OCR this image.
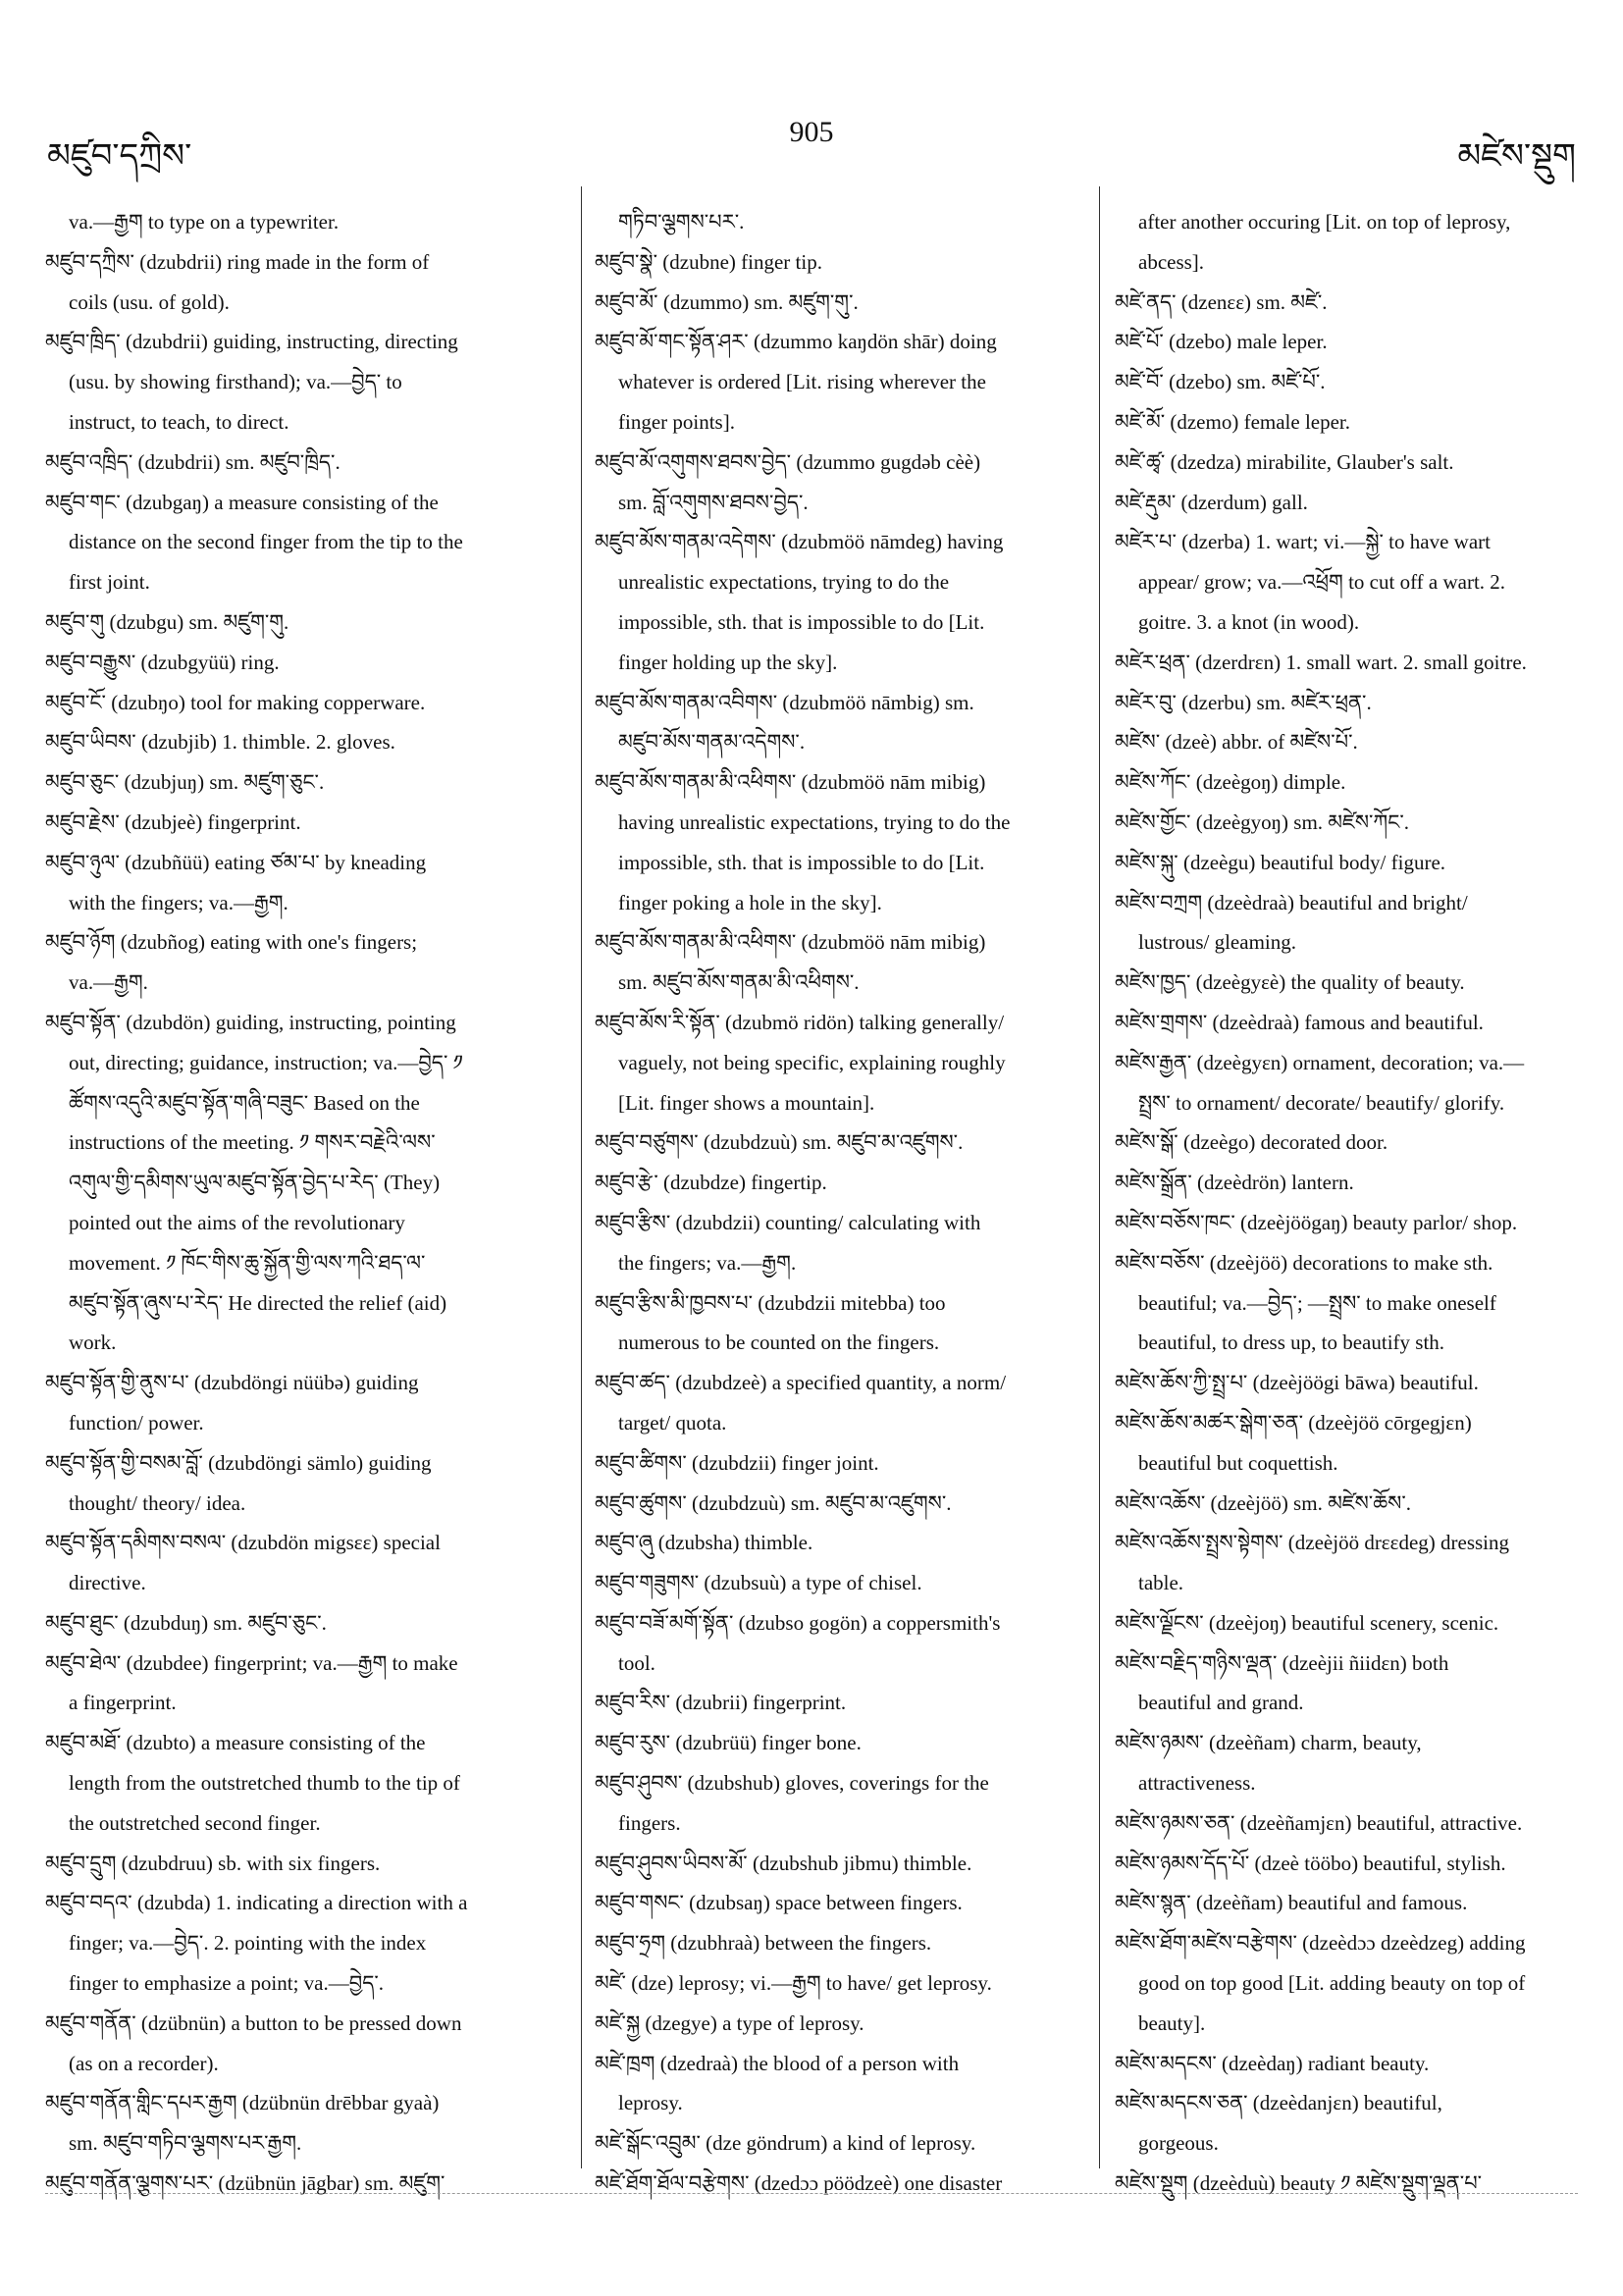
མཛུབ་དཀྲིས་
905
མཛེས་སྡུག
va.—རྒྱག to type on a typewriter.
མཛུབ་དཀྲིས་ (dzubdrii) ring made in the form of
coils (usu. of gold).
མཛུབ་ཁྲིད་ (dzubdrii) guiding, instructing, directing
(usu. by showing firsthand); va.—བྱེད་ to
instruct, to teach, to direct.
མཛུབ་འཁྲིད་ (dzubdrii) sm. མཛུབ་ཁྲིད་.
མཛུབ་གང་ (dzubgaŋ) a measure consisting of the
distance on the second finger from the tip to the
first joint.
མཛུབ་གུ (dzubgu) sm. མཛུག་གུ.
མཛུབ་བརྒྱུས་ (dzubgyüü) ring.
མཛུབ་ངོ་ (dzubŋo) tool for making copperware.
མཛུབ་ཡིབས་ (dzubjib) 1. thimble. 2. gloves.
མཛུབ་ཅུང་ (dzubjuŋ) sm. མཛུག་ཅུང་.
མཛུབ་རྗེས་ (dzubjeè) fingerprint.
མཛུབ་ཉུལ་ (dzubñüü) eating ཙམ་པ་ by kneading
with the fingers; va.—རྒྱག.
མཛུབ་ཉོག (dzubñog) eating with one's fingers;
va.—རྒྱག.
མཛུབ་སྟོན་ (dzubdön) guiding, instructing, pointing
out, directing; guidance, instruction; va.—བྱེད་ ༡
ཚོགས་འདུའི་མཛུབ་སྟོན་གཞི་བཟུང་ Based on the
instructions of the meeting. ༡ གསར་བརྗེའི་ལས་
འགུལ་གྱི་དམིགས་ཡུལ་མཛུབ་སྟོན་བྱེད་པ་རེད་ (They)
pointed out the aims of the revolutionary
movement. ༡ ཁོང་གིས་ཆུ་སྐྱོན་གྱི་ལས་ཀའི་ཐད་ལ་
མཛུབ་སྟོན་ཞུས་པ་རེད་ He directed the relief (aid)
work.
མཛུབ་སྟོན་གྱི་ནུས་པ་ (dzubdöngi nüübə) guiding
function/ power.
མཛུབ་སྟོན་གྱི་བསམ་བློ་ (dzubdöngi sämlo) guiding
thought/ theory/ idea.
མཛུབ་སྟོན་དམིགས་བསལ་ (dzubdön migsɛɛ) special
directive.
མཛུབ་ཐུང་ (dzubduŋ) sm. མཛུབ་ཅུང་.
མཛུབ་ཐེལ་ (dzubdee) fingerprint; va.—རྒྱག to make
a fingerprint.
མཛུབ་མཐོ་ (dzubto) a measure consisting of the
length from the outstretched thumb to the tip of
the outstretched second finger.
མཛུབ་དྲུག (dzubdruu) sb. with six fingers.
མཛུབ་བདའ་ (dzubda) 1. indicating a direction with a
finger; va.—བྱེད་. 2. pointing with the index
finger to emphasize a point; va.—བྱེད་.
མཛུབ་གནོན་ (dzübnün) a button to be pressed down
(as on a recorder).
མཛུབ་གནོན་གླིང་དཔར་རྒྱག (dzübnün drēbbar gyaà)
sm. མཛུབ་གཏིབ་ལྕགས་པར་རྒྱག.
མཛུབ་གནོན་ལྕགས་པར་ (dzübnün jāgbar) sm. མཛུག་
གཏིབ་ལྕགས་པར་.
མཛུབ་སྣེ་ (dzubne) finger tip.
མཛུབ་མོ་ (dzummo) sm. མཛུག་གུ་.
མཛུབ་མོ་གང་སྟོན་ཤར་ (dzummo kaŋdön shār) doing
whatever is ordered [Lit. rising wherever the
finger points].
མཛུབ་མོ་འགུགས་ཐབས་བྱེད་ (dzummo gugdəb cèè)
sm. བློ་འགུགས་ཐབས་བྱེད་.
མཛུབ་མོས་གནམ་འདེགས་ (dzubmöö nāmdeg) having
unrealistic expectations, trying to do the
impossible, sth. that is impossible to do [Lit.
finger holding up the sky].
མཛུབ་མོས་གནམ་འབིགས་ (dzubmöö nāmbig) sm.
མཛུབ་མོས་གནམ་འདེགས་.
མཛུབ་མོས་གནམ་མི་འཕིགས་ (dzubmöö nām mibig)
having unrealistic expectations, trying to do the
impossible, sth. that is impossible to do [Lit.
finger poking a hole in the sky].
མཛུབ་མོས་གནམ་མི་འཕིགས་ (dzubmöö nām mibig)
sm. མཛུབ་མོས་གནམ་མི་འཕིགས་.
མཛུབ་མོས་རི་སྟོན་ (dzubmö ridön) talking generally/
vaguely, not being specific, explaining roughly
[Lit. finger shows a mountain].
མཛུབ་བཙུགས་ (dzubdzuù) sm. མཛུབ་མ་འཛུགས་.
མཛུབ་རྩེ་ (dzubdze) fingertip.
མཛུབ་རྩིས་ (dzubdzii) counting/ calculating with
the fingers; va.—རྒྱག.
མཛུབ་རྩིས་མི་ཁྱབས་པ་ (dzubdzii mitebba) too
numerous to be counted on the fingers.
མཛུབ་ཚད་ (dzubdzeè) a specified quantity, a norm/
target/ quota.
མཛུབ་ཚིགས་ (dzubdzii) finger joint.
མཛུབ་ཚུགས་ (dzubdzuù) sm. མཛུབ་མ་འཛུགས་.
མཛུབ་ཞུ (dzubsha) thimble.
མཛུབ་གཟུགས་ (dzubsuù) a type of chisel.
མཛུབ་བཟོ་མགོ་སྟོན་ (dzubso gogön) a coppersmith's
tool.
མཛུབ་རིས་ (dzubrii) fingerprint.
མཛུབ་རུས་ (dzubrüü) finger bone.
མཛུབ་ཤུབས་ (dzubshub) gloves, coverings for the
fingers.
མཛུབ་ཤུབས་ཡིབས་མོ་ (dzubshub jibmu) thimble.
མཛུབ་གསང་ (dzubsaŋ) space between fingers.
མཛུབ་ཧྲག (dzubhraà) between the fingers.
མཛེ་ (dze) leprosy; vi.—རྒྱག to have/ get leprosy.
མཛེ་སྐྱ (dzegye) a type of leprosy.
མཛེ་ཁྲག (dzedraà) the blood of a person with
leprosy.
མཛེ་སྒོང་འབྲུམ་ (dze göndrum) a kind of leprosy.
མཛེ་ཐོག་ཐོལ་བརྩེགས་ (dzedɔɔ pöödzeè) one disaster
after another occuring [Lit. on top of leprosy,
abcess].
མཛེ་ནད་ (dzenɛɛ) sm. མཛེ་.
མཛེ་པོ་ (dzebo) male leper.
མཛེ་བོ་ (dzebo) sm. མཛེ་པོ་.
མཛེ་མོ་ (dzemo) female leper.
མཛེ་ཚྭ་ (dzedza) mirabilite, Glauber's salt.
མཛེ་རྡུམ་ (dzerdum) gall.
མཛེར་པ་ (dzerba) 1. wart; vi.—སྐྱེ་ to have wart
appear/ grow; va.—འཕྲོག to cut off a wart. 2.
goitre. 3. a knot (in wood).
མཛེར་ཕྲན་ (dzerdrɛn) 1. small wart. 2. small goitre.
མཛེར་བུ་ (dzerbu) sm. མཛེར་ཕྲན་.
མཛེས་ (dzeè) abbr. of མཛེས་པོ་.
མཛེས་ཀོང་ (dzeègoŋ) dimple.
མཛེས་གྱོང་ (dzeègyoŋ) sm. མཛེས་ཀོང་.
མཛེས་སྐུ་ (dzeègu) beautiful body/ figure.
མཛེས་བཀྲག (dzeèdraà) beautiful and bright/
lustrous/ gleaming.
མཛེས་ཁྱད་ (dzeègyɛè) the quality of beauty.
མཛེས་གྲགས་ (dzeèdraà) famous and beautiful.
མཛེས་རྒྱན་ (dzeègyɛn) ornament, decoration; va.—
སྤྲས་ to ornament/ decorate/ beautify/ glorify.
མཛེས་སྒོ་ (dzeègo) decorated door.
མཛེས་སྒྲོན་ (dzeèdrön) lantern.
མཛེས་བཅོས་ཁང་ (dzeèjöögaŋ) beauty parlor/ shop.
མཛེས་བཅོས་ (dzeèjöö) decorations to make sth.
beautiful; va.—བྱེད་; —སྤྲས་ to make oneself
beautiful, to dress up, to beautify sth.
མཛེས་ཆོས་ཀྱི་སྤྲ་པ་ (dzeèjöögi bāwa) beautiful.
མཛེས་ཆོས་མཚར་སྒེག་ཅན་ (dzeèjöö cōrgegjɛn)
beautiful but coquettish.
མཛེས་འཆོས་ (dzeèjöö) sm. མཛེས་ཆོས་.
མཛེས་འཆོས་སྤྲས་སྟེགས་ (dzeèjöö drɛɛdeg) dressing
table.
མཛེས་ལྗོངས་ (dzeèjoŋ) beautiful scenery, scenic.
མཛེས་བརྗིད་གཉིས་ལྡན་ (dzeèjii ñiidɛn) both
beautiful and grand.
མཛེས་ཉམས་ (dzeèñam) charm, beauty,
attractiveness.
མཛེས་ཉམས་ཅན་ (dzeèñamjɛn) beautiful, attractive.
མཛེས་ཉམས་དོད་པོ་ (dzeè tööbo) beautiful, stylish.
མཛེས་སྙན་ (dzeèñam) beautiful and famous.
མཛེས་ཐོག་མཛེས་བརྩེགས་ (dzeèdɔɔ dzeèdzeg) adding
good on top good [Lit. adding beauty on top of
beauty].
མཛེས་མདངས་ (dzeèdaŋ) radiant beauty.
མཛེས་མདངས་ཅན་ (dzeèdanjɛn) beautiful,
gorgeous.
མཛེས་སྡུག (dzeèduù) beauty ༡ མཛེས་སྡུག་ལྡན་པ་
